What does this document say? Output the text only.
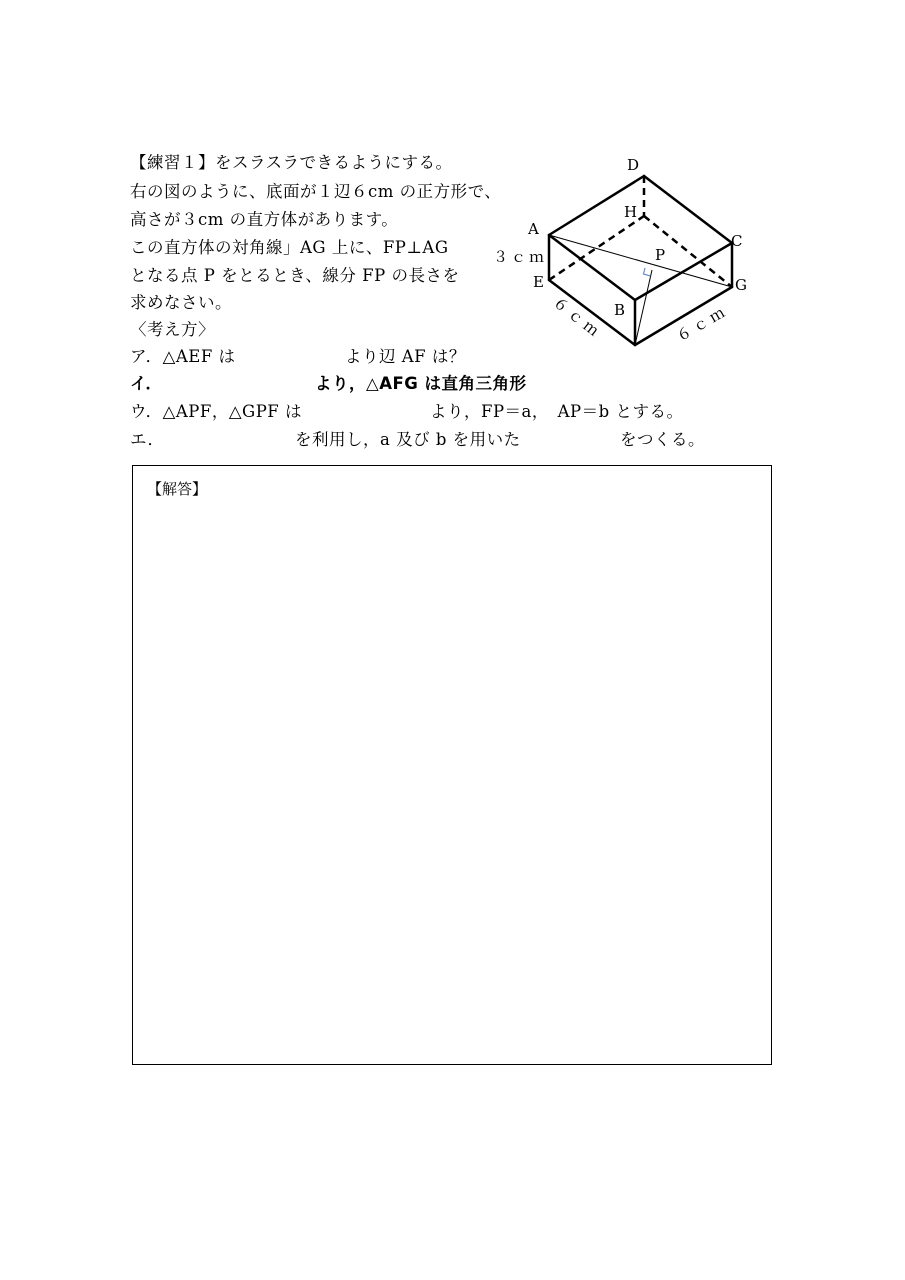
【練習１】をスラスラできるようにする。
右の図のように、底面が１辺６cm の正方形で、
高さが３cm の直方体があります。
この直方体の対角線」AG 上に、FP⊥AG
となる点 P をとるとき、線分 FP の長さを
求めなさい。
〈考え方〉
ア．△AEF は	より辺 AF は？
イ．	より，△AFG は直角三角形
ウ．△APF，△GPF は	より，FP＝a，　AP＝b とする。
エ．	を利用し，a 及び b を用いた	をつくる。
D
H
A
C
P
E	G
B
３ｃｍ
６ｃｍ	６ｃｍ
【解答】
